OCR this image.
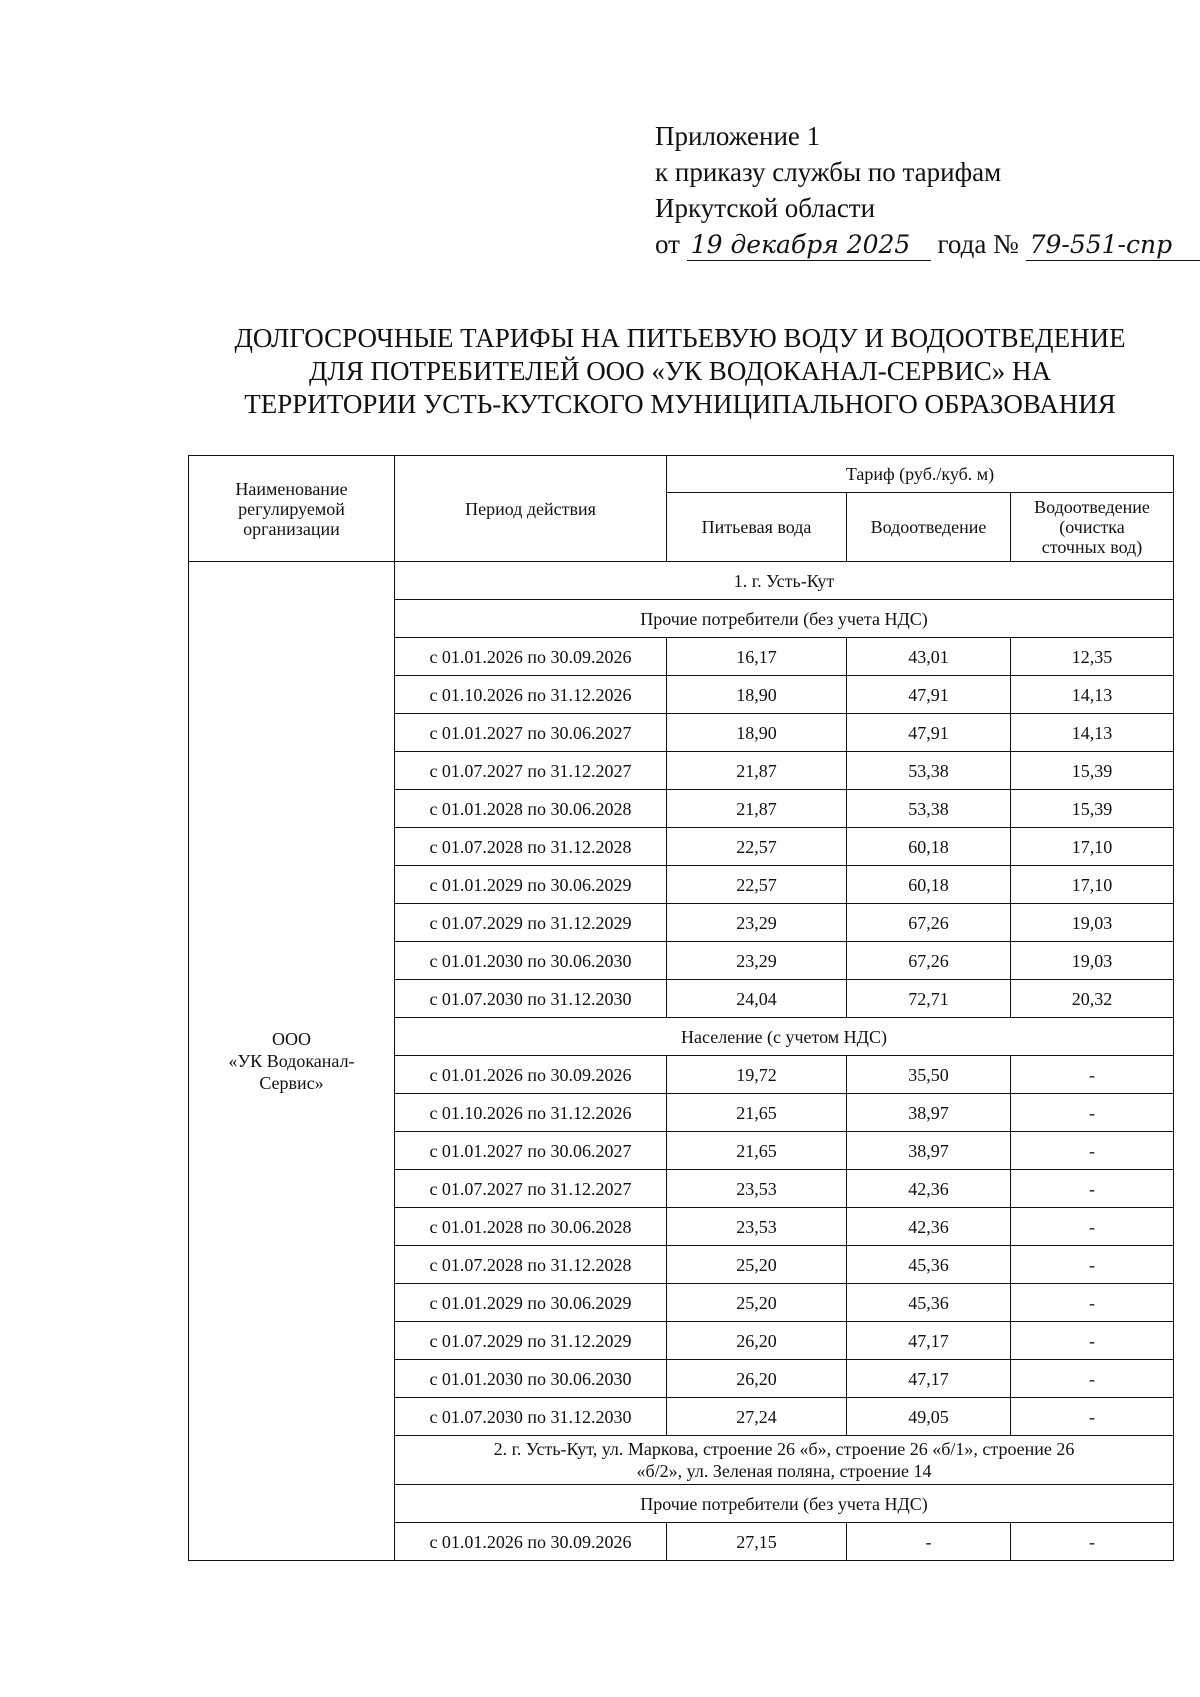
Приложение 1
к приказу службы по тарифам
Иркутской области
от 19 декабря 2025 года № 79-551-спр
ДОЛГОСРОЧНЫЕ ТАРИФЫ НА ПИТЬЕВУЮ ВОДУ И ВОДООТВЕДЕНИЕ
ДЛЯ ПОТРЕБИТЕЛЕЙ ООО «УК ВОДОКАНАЛ-СЕРВИС» НА
ТЕРРИТОРИИ УСТЬ-КУТСКОГО МУНИЦИПАЛЬНОГО ОБРАЗОВАНИЯ
Наименование
регулируемой
организации	Период действия	Тариф (руб./куб. м)		
		Питьевая вода	Водоотведение	Водоотведение
(очистка
сточных вод)

ООО
«УК Водоканал-
Сервис»	1. г. Усть-Кут			
	Прочие потребители (без учета НДС)			
	с 01.01.2026 по 30.09.2026	16,17	43,01	12,35
	с 01.10.2026 по 31.12.2026	18,90	47,91	14,13
	с 01.01.2027 по 30.06.2027	18,90	47,91	14,13
	с 01.07.2027 по 31.12.2027	21,87	53,38	15,39
	с 01.01.2028 по 30.06.2028	21,87	53,38	15,39
	с 01.07.2028 по 31.12.2028	22,57	60,18	17,10
	с 01.01.2029 по 30.06.2029	22,57	60,18	17,10
	с 01.07.2029 по 31.12.2029	23,29	67,26	19,03
	с 01.01.2030 по 30.06.2030	23,29	67,26	19,03
	с 01.07.2030 по 31.12.2030	24,04	72,71	20,32
	Население (с учетом НДС)			
	с 01.01.2026 по 30.09.2026	19,72	35,50	-
	с 01.10.2026 по 31.12.2026	21,65	38,97	-
	с 01.01.2027 по 30.06.2027	21,65	38,97	-
	с 01.07.2027 по 31.12.2027	23,53	42,36	-
	с 01.01.2028 по 30.06.2028	23,53	42,36	-
	с 01.07.2028 по 31.12.2028	25,20	45,36	-
	с 01.01.2029 по 30.06.2029	25,20	45,36	-
	с 01.07.2029 по 31.12.2029	26,20	47,17	-
	с 01.01.2030 по 30.06.2030	26,20	47,17	-
	с 01.07.2030 по 31.12.2030	27,24	49,05	-

	2. г. Усть-Кут, ул. Маркова, строение 26 «б», строение 26 «б/1», строение 26
«б/2», ул. Зеленая поляна, строение 14			

	Прочие потребители (без учета НДС)			
	с 01.01.2026 по 30.09.2026	27,15	-	-
